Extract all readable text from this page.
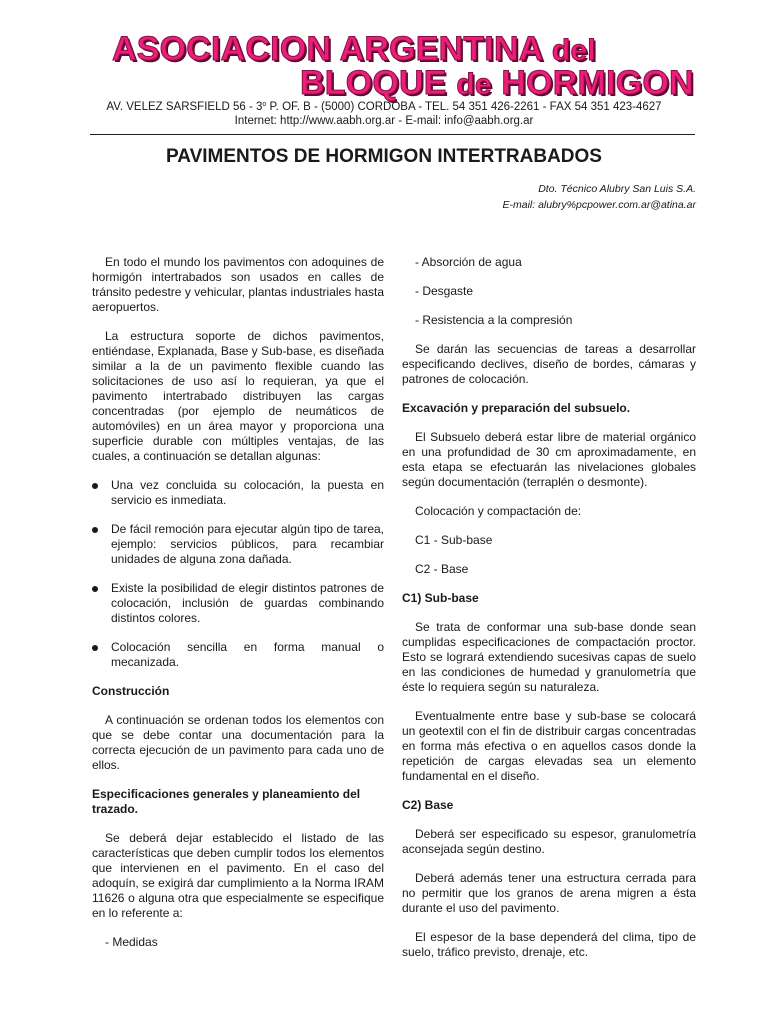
ASOCIACION ARGENTINA del
BLOQUE de HORMIGON
AV. VELEZ SARSFIELD 56 - 3$^o$ P. OF. B - (5000) CORDOBA - TEL. 54 351 426-2261 - FAX 54 351 423-4627
Internet: http://www.aabh.org.ar - E-mail: info@aabh.org.ar
PAVIMENTOS DE HORMIGON INTERTRABADOS
Dto. Técnico Alubry San Luis S.A.
E-mail: alubry%pcpower.com.ar@atina.ar

En todo el mundo los pavimentos con adoquines de hormigón intertrabados son usados en calles de tránsito pedestre y vehicular, plantas industriales hasta aeropuertos.

La estructura soporte de dichos pavimentos, entiéndase, Explanada, Base y Sub-base, es diseñada similar a la de un pavimento flexible cuando las solicitaciones de uso así lo requieran, ya que el pavimento intertrabado distribuyen las cargas concentradas (por ejemplo de neumáticos de automóviles) en un área mayor y proporciona una superficie durable con múltiples ventajas, de las cuales, a continuación se detallan algunas:

Una vez concluida su colocación, la puesta en servicio es inmediata.
De fácil remoción para ejecutar algún tipo de tarea, ejemplo: servicios públicos, para recambiar unidades de alguna zona dañada.
Existe la posibilidad de elegir distintos patrones de colocación, inclusión de guardas combinando distintos colores.
Colocación sencilla en forma manual o mecanizada.
Construcción

A continuación se ordenan todos los elementos con que se debe contar una documentación para la correcta ejecución de un pavimento para cada uno de ellos.

Especificaciones generales y planeamiento del trazado.

Se deberá dejar establecido el listado de las características que deben cumplir todos los elementos que intervienen en el pavimento. En el caso del adoquín, se exigirá dar cumplimiento a la Norma IRAM 11626 o alguna otra que especialmente se especifique en lo referente a:

- Medidas

- Absorción de agua

- Desgaste

- Resistencia a la compresión

Se darán las secuencias de tareas a desarrollar especificando declives, diseño de bordes, cámaras y patrones de colocación.

Excavación y preparación del subsuelo.

El Subsuelo deberá estar libre de material orgánico en una profundidad de 30 cm aproximadamente, en esta etapa se efectuarán las nivelaciones globales según documentación (terraplén o desmonte).

Colocación y compactación de:

C1 - Sub-base

C2 - Base

C1) Sub-base

Se trata de conformar una sub-base donde sean cumplidas especificaciones de compactación proctor. Esto se logrará extendiendo sucesivas capas de suelo en las condiciones de humedad y granulometría que éste lo requiera según su naturaleza.

Eventualmente entre base y sub-base se colocará un geotextil con el fin de distribuir cargas concentradas en forma más efectiva o en aquellos casos donde la repetición de cargas elevadas sea un elemento fundamental en el diseño.

C2) Base

Deberá ser especificado su espesor, granulometría aconsejada según destino.

Deberá además tener una estructura cerrada para no permitir que los granos de arena migren a ésta durante el uso del pavimento.

El espesor de la base dependerá del clima, tipo de suelo, tráfico previsto, drenaje, etc.
